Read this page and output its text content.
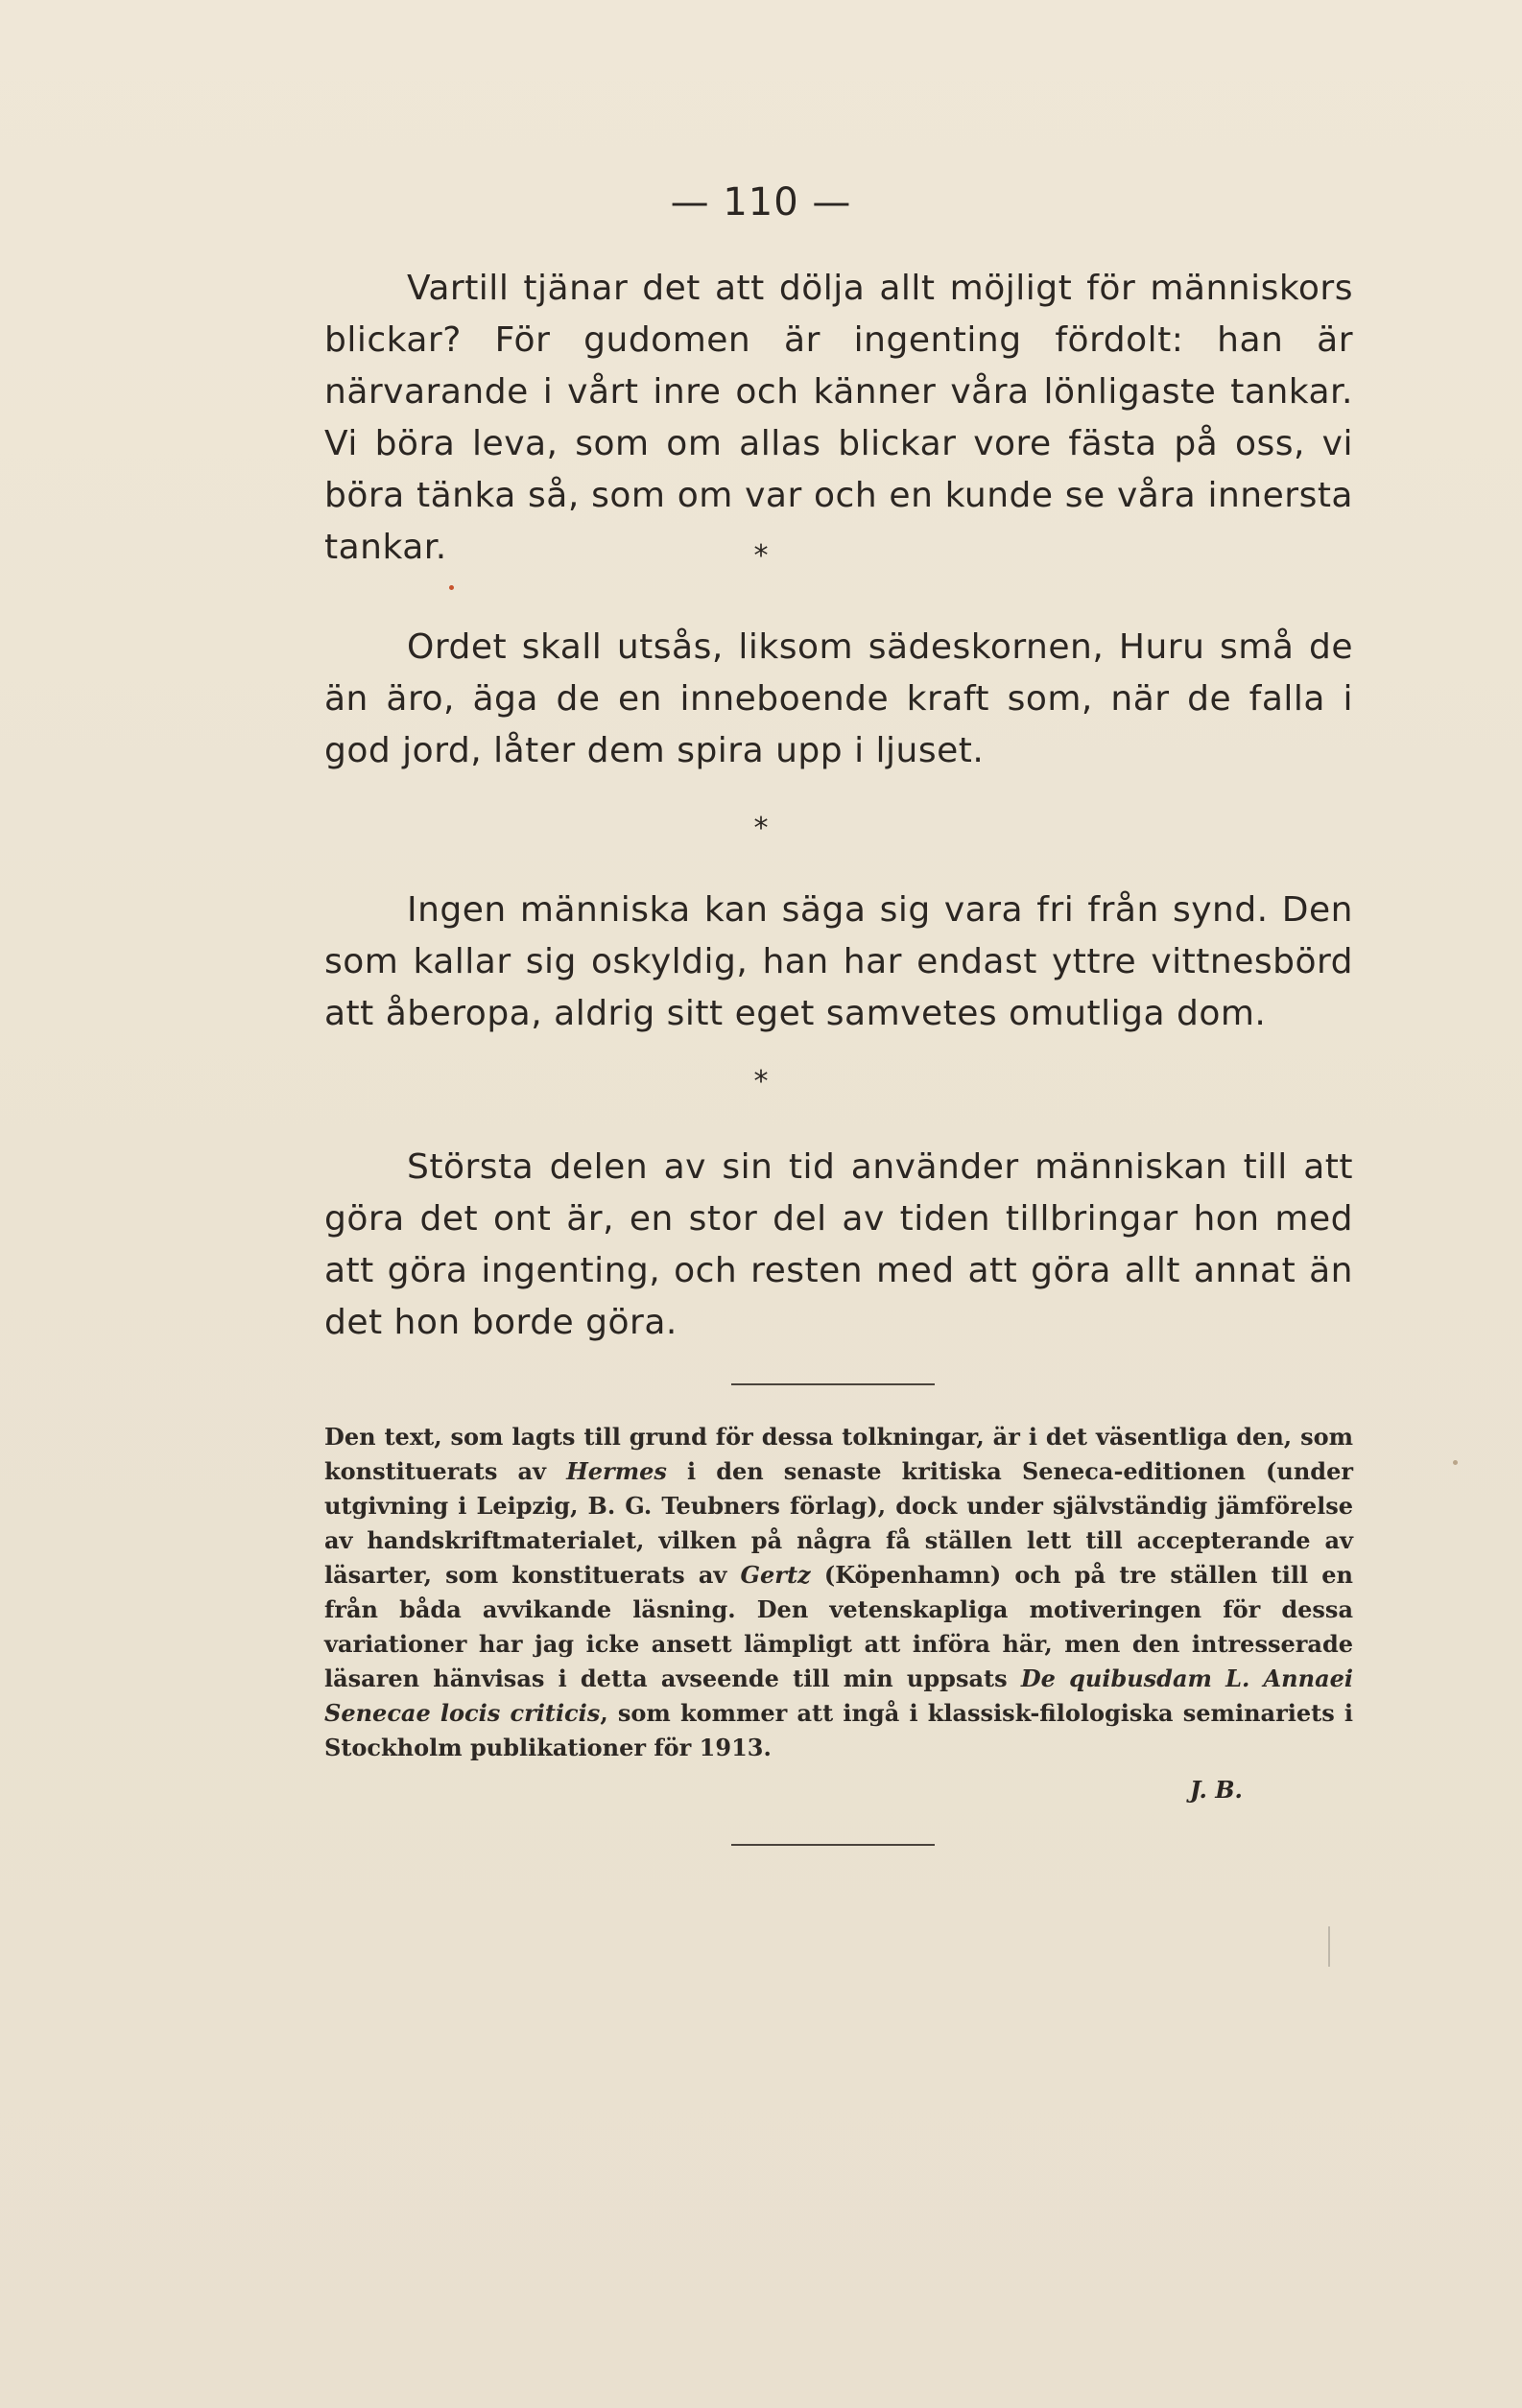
— 110 —

Vartill tjänar det att dölja allt möjligt för människors blickar? För gudomen är ingenting fördolt: han är närvarande i vårt inre och känner våra lönligaste tankar. Vi böra leva, som om allas blickar vore fästa på oss, vi böra tänka så, som om var och en kunde se våra innersta tankar.	*

Ordet skall utsås, liksom sädeskornen, Huru små de än äro, äga de en inneboende kraft som, när de falla i god jord, låter dem spira upp i ljuset.

*

Ingen människa kan säga sig vara fri från synd. Den som kallar sig oskyldig, han har endast yttre vittnesbörd att åberopa, aldrig sitt eget samvetes omutliga dom.

*

Största delen av sin tid använder människan till att göra det ont är, en stor del av tiden tillbringar hon med att göra ingenting, och resten med att göra allt annat än det hon borde göra.

Den text, som lagts till grund för dessa tolkningar, är i det väsentliga den, som konstituerats av Hermes i den senaste kritiska Seneca-editionen (under utgivning i Leipzig, B. G. Teubners förlag), dock under självständig jämförelse av handskriftmaterialet, vilken på några få ställen lett till accepterande av läsarter, som konstituerats av Gertz (Köpenhamn) och på tre ställen till en från båda avvikande läsning. Den vetenskapliga motiveringen för dessa variationer har jag icke ansett lämpligt att införa här, men den intresserade läsaren hänvisas i detta avseende till min uppsats De quibusdam L. Annaei Senecae locis criticis, som kommer att ingå i klassisk-filologiska seminariets i Stockholm publikationer för 1913.
J. B.
